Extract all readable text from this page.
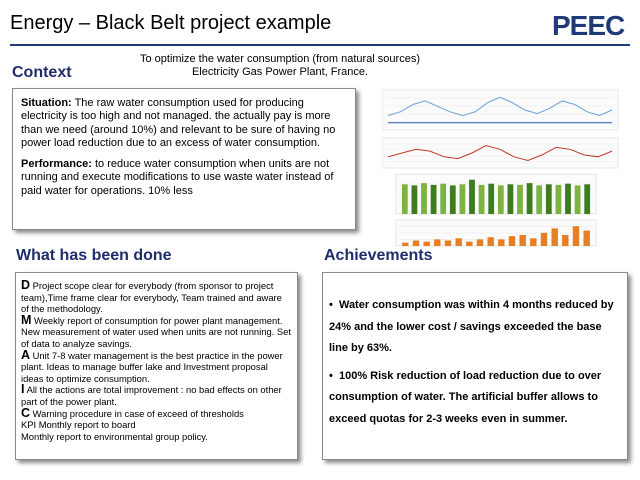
Energy – Black Belt project example	PEEC
To optimize the water consumption (from natural sources)
Electricity Gas Power Plant, France.
Context

Situation: The raw water consumption used for producing electricity is too high and not managed. the actually pay is more than we need (around 10%) and relevant to be sure of having no power load reduction due to an excess of water consumption.

Performance: to reduce water consumption when units are not running and execute modifications to use waste water instead of paid water for operations. 10% less

What has been done
D Project scope clear for everybody (from sponsor to project team),Time frame clear for everybody, Team trained and aware of the methodology.
M Weekly report of consumption for power plant management. New measurement of water used when units are not running. Set of data to analyze savings.
A Unit 7-8 water management is the best practice in the power plant. Ideas to manage buffer lake and Investment proposal ideas to optimize consumption.
I All the actions are total improvement : no bad effects on other part of the power plant.
C Warning procedure in case of exceed of thresholds
KPI Monthly report to board
Monthly report to environmental group policy.
Achievements
•  Water consumption was within 4 months reduced by 24% and the lower cost / savings exceeded the base line by 63%.
•  100% Risk reduction of load reduction due to over consumption of water. The artificial buffer allows to exceed quotas for 2-3 weeks even in summer.
